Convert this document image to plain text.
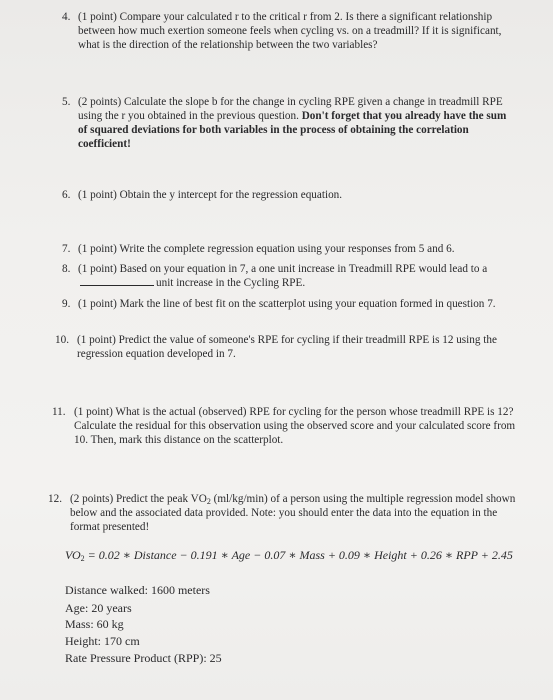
4. (1 point) Compare your calculated r to the critical r from 2. Is there a significant relationship between how much exertion someone feels when cycling vs. on a treadmill? If it is significant, what is the direction of the relationship between the two variables?
5. (2 points) Calculate the slope b for the change in cycling RPE given a change in treadmill RPE using the r you obtained in the previous question. Don't forget that you already have the sum of squared deviations for both variables in the process of obtaining the correlation coefficient!
6. (1 point) Obtain the y intercept for the regression equation.
7. (1 point) Write the complete regression equation using your responses from 5 and 6.
8. (1 point) Based on your equation in 7, a one unit increase in Treadmill RPE would lead to aunit increase in the Cycling RPE.
9. (1 point) Mark the line of best fit on the scatterplot using your equation formed in question 7.
10. (1 point) Predict the value of someone's RPE for cycling if their treadmill RPE is 12 using the regression equation developed in 7.
11. (1 point) What is the actual (observed) RPE for cycling for the person whose treadmill RPE is 12? Calculate the residual for this observation using the observed score and your calculated score from 10. Then, mark this distance on the scatterplot.
12. (2 points) Predict the peak $VO_2$ (ml/kg/min) of a person using the multiple regression model shown below and the associated data provided. Note: you should enter the data into the equation in the format presented!
$VO_2 = 0.02$ ∗ Distance − 0.191 ∗ Age − 0.07 ∗ Mass + 0.09 ∗ Height + 0.26 ∗ RPP + 2.45
Distance walked: 1600 meters
Age: 20 years
Mass: 60 kg
Height: 170 cm
Rate Pressure Product (RPP): 25
